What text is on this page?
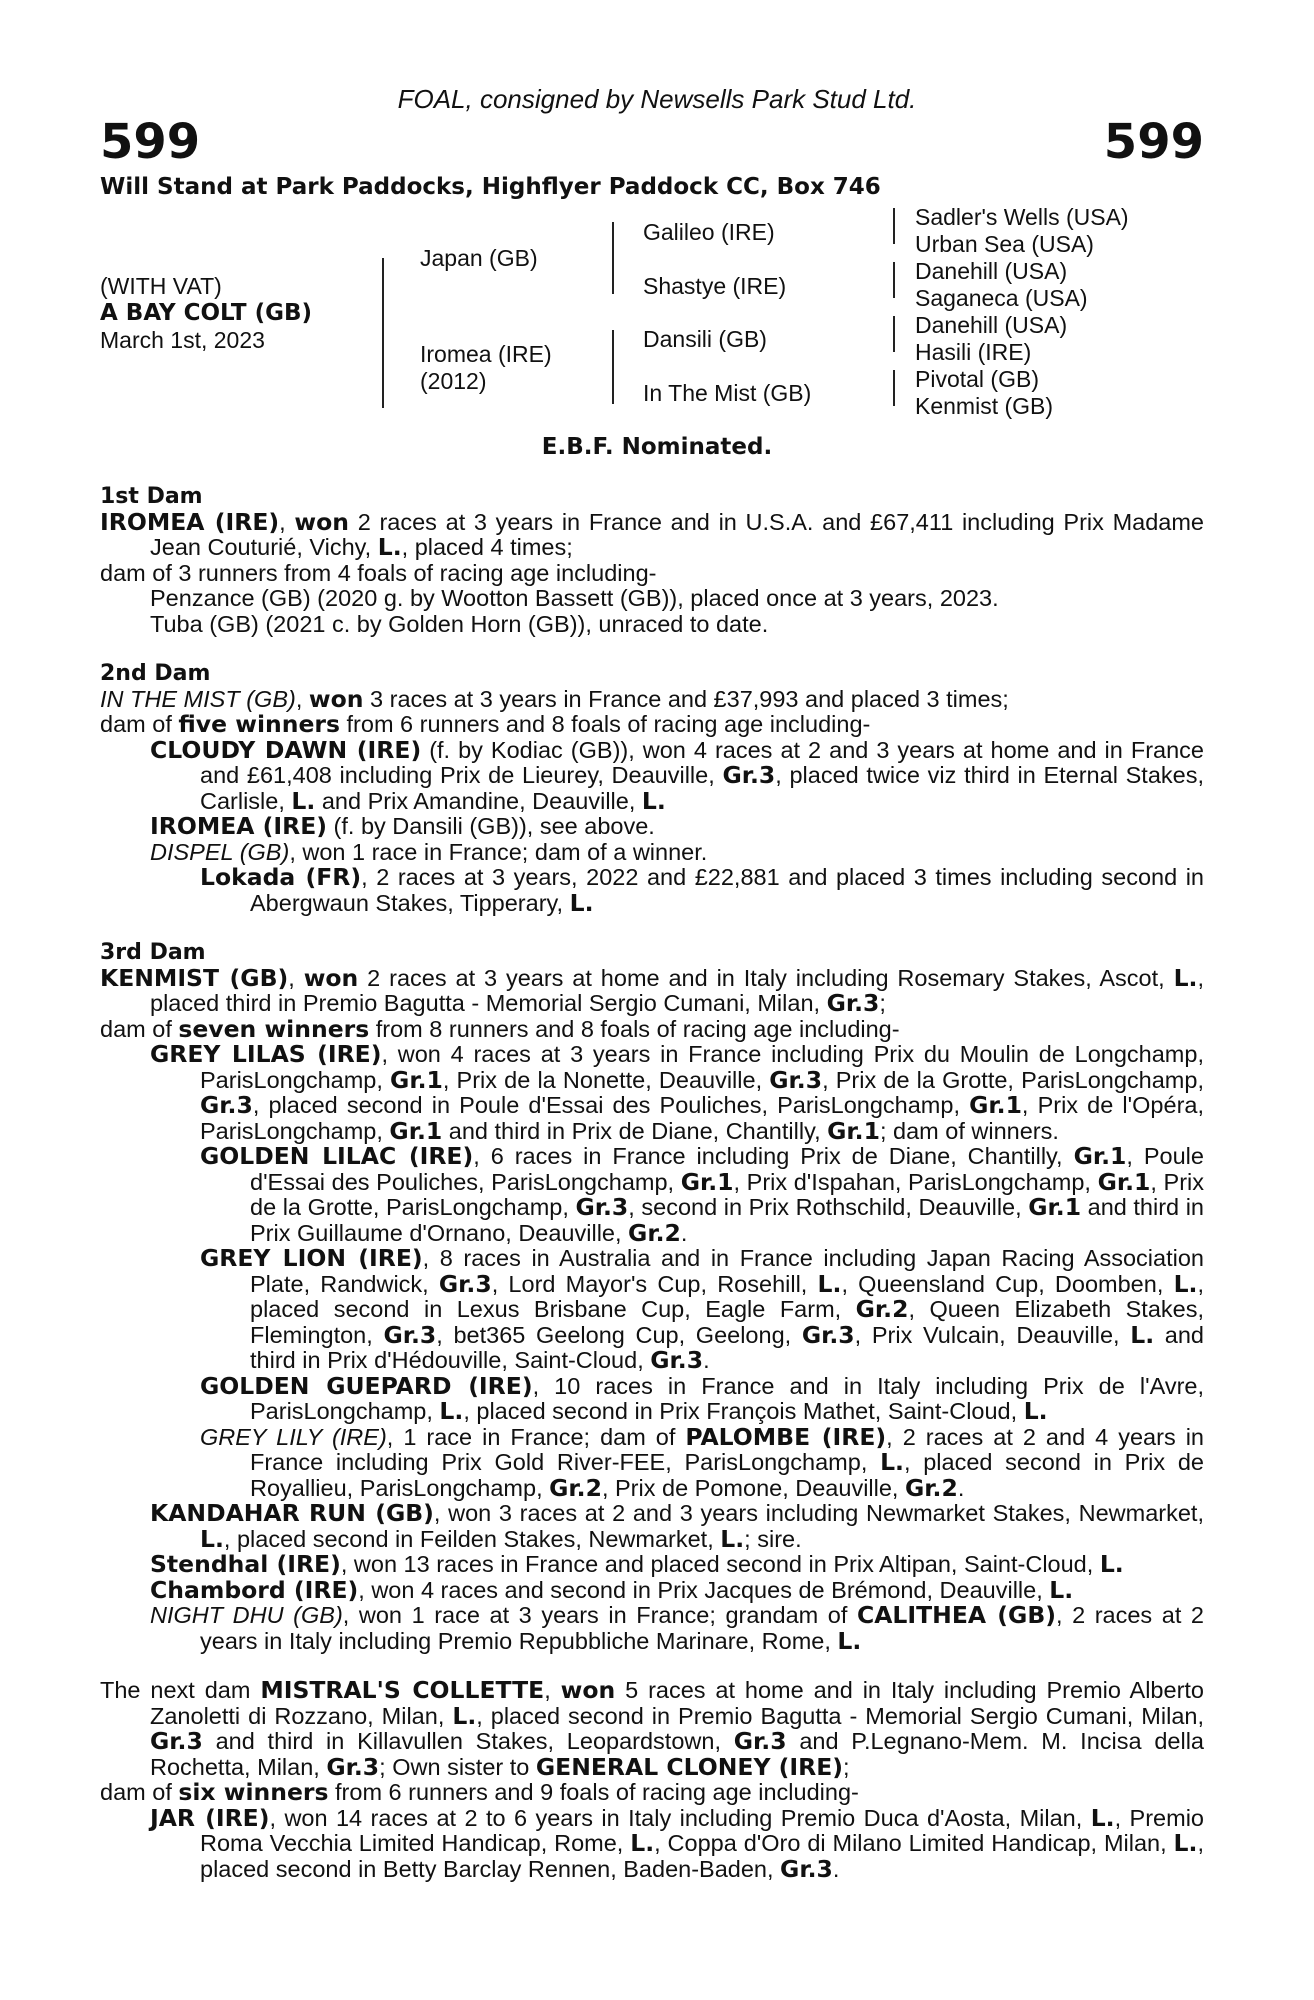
FOAL, consigned by Newsells Park Stud Ltd.
599	599
Will Stand at Park Paddocks, Highflyer Paddock CC, Box 746
(WITH VAT)
A BAY COLT (GB)
March 1st, 2023
Japan (GB)
Iromea (IRE)
(2012)
Galileo (IRE)
Shastye (IRE)
Dansili (GB)
In The Mist (GB)
Sadler's Wells (USA)
Urban Sea (USA)
Danehill (USA)
Saganeca (USA)
Danehill (USA)
Hasili (IRE)
Pivotal (GB)
Kenmist (GB)
E.B.F. Nominated.

1st Dam

IROMEA (IRE), won 2 races at 3 years in France and in U.S.A. and £67,411 including Prix Madame Jean Couturié, Vichy, L., placed 4 times;

dam of 3 runners from 4 foals of racing age including-

Penzance (GB) (2020 g. by Wootton Bassett (GB)), placed once at 3 years, 2023.

Tuba (GB) (2021 c. by Golden Horn (GB)), unraced to date.

2nd Dam

IN THE MIST (GB), won 3 races at 3 years in France and £37,993 and placed 3 times;

dam of five winners from 6 runners and 8 foals of racing age including-

CLOUDY DAWN (IRE) (f. by Kodiac (GB)), won 4 races at 2 and 3 years at home and in France and £61,408 including Prix de Lieurey, Deauville, Gr.3, placed twice viz third in Eternal Stakes, Carlisle, L. and Prix Amandine, Deauville, L.

IROMEA (IRE) (f. by Dansili (GB)), see above.

DISPEL (GB), won 1 race in France; dam of a winner.

Lokada (FR), 2 races at 3 years, 2022 and £22,881 and placed 3 times including second in Abergwaun Stakes, Tipperary, L.

3rd Dam

KENMIST (GB), won 2 races at 3 years at home and in Italy including Rosemary Stakes, Ascot, L., placed third in Premio Bagutta - Memorial Sergio Cumani, Milan, Gr.3;

dam of seven winners from 8 runners and 8 foals of racing age including-

GREY LILAS (IRE), won 4 races at 3 years in France including Prix du Moulin de Longchamp, ParisLongchamp, Gr.1, Prix de la Nonette, Deauville, Gr.3, Prix de la Grotte, ParisLongchamp, Gr.3, placed second in Poule d'Essai des Pouliches, ParisLongchamp, Gr.1, Prix de l'Opéra, ParisLongchamp, Gr.1 and third in Prix de Diane, Chantilly, Gr.1; dam of winners.

GOLDEN LILAC (IRE), 6 races in France including Prix de Diane, Chantilly, Gr.1, Poule d'Essai des Pouliches, ParisLongchamp, Gr.1, Prix d'Ispahan, ParisLongchamp, Gr.1, Prix de la Grotte, ParisLongchamp, Gr.3, second in Prix Rothschild, Deauville, Gr.1 and third in Prix Guillaume d'Ornano, Deauville, Gr.2.

GREY LION (IRE), 8 races in Australia and in France including Japan Racing Association Plate, Randwick, Gr.3, Lord Mayor's Cup, Rosehill, L., Queensland Cup, Doomben, L., placed second in Lexus Brisbane Cup, Eagle Farm, Gr.2, Queen Elizabeth Stakes, Flemington, Gr.3, bet365 Geelong Cup, Geelong, Gr.3, Prix Vulcain, Deauville, L. and third in Prix d'Hédouville, Saint-Cloud, Gr.3.

GOLDEN GUEPARD (IRE), 10 races in France and in Italy including Prix de l'Avre, ParisLongchamp, L., placed second in Prix François Mathet, Saint-Cloud, L.

GREY LILY (IRE), 1 race in France; dam of PALOMBE (IRE), 2 races at 2 and 4 years in France including Prix Gold River-FEE, ParisLongchamp, L., placed second in Prix de Royallieu, ParisLongchamp, Gr.2, Prix de Pomone, Deauville, Gr.2.

KANDAHAR RUN (GB), won 3 races at 2 and 3 years including Newmarket Stakes, Newmarket, L., placed second in Feilden Stakes, Newmarket, L.; sire.

Stendhal (IRE), won 13 races in France and placed second in Prix Altipan, Saint-Cloud, L.

Chambord (IRE), won 4 races and second in Prix Jacques de Brémond, Deauville, L.

NIGHT DHU (GB), won 1 race at 3 years in France; grandam of CALITHEA (GB), 2 races at 2 years in Italy including Premio Repubbliche Marinare, Rome, L.

The next dam MISTRAL'S COLLETTE, won 5 races at home and in Italy including Premio Alberto Zanoletti di Rozzano, Milan, L., placed second in Premio Bagutta - Memorial Sergio Cumani, Milan, Gr.3 and third in Killavullen Stakes, Leopardstown, Gr.3 and P.Legnano-Mem. M. Incisa della Rochetta, Milan, Gr.3; Own sister to GENERAL CLONEY (IRE);

dam of six winners from 6 runners and 9 foals of racing age including-

JAR (IRE), won 14 races at 2 to 6 years in Italy including Premio Duca d'Aosta, Milan, L., Premio Roma Vecchia Limited Handicap, Rome, L., Coppa d'Oro di Milano Limited Handicap, Milan, L., placed second in Betty Barclay Rennen, Baden-Baden, Gr.3.
